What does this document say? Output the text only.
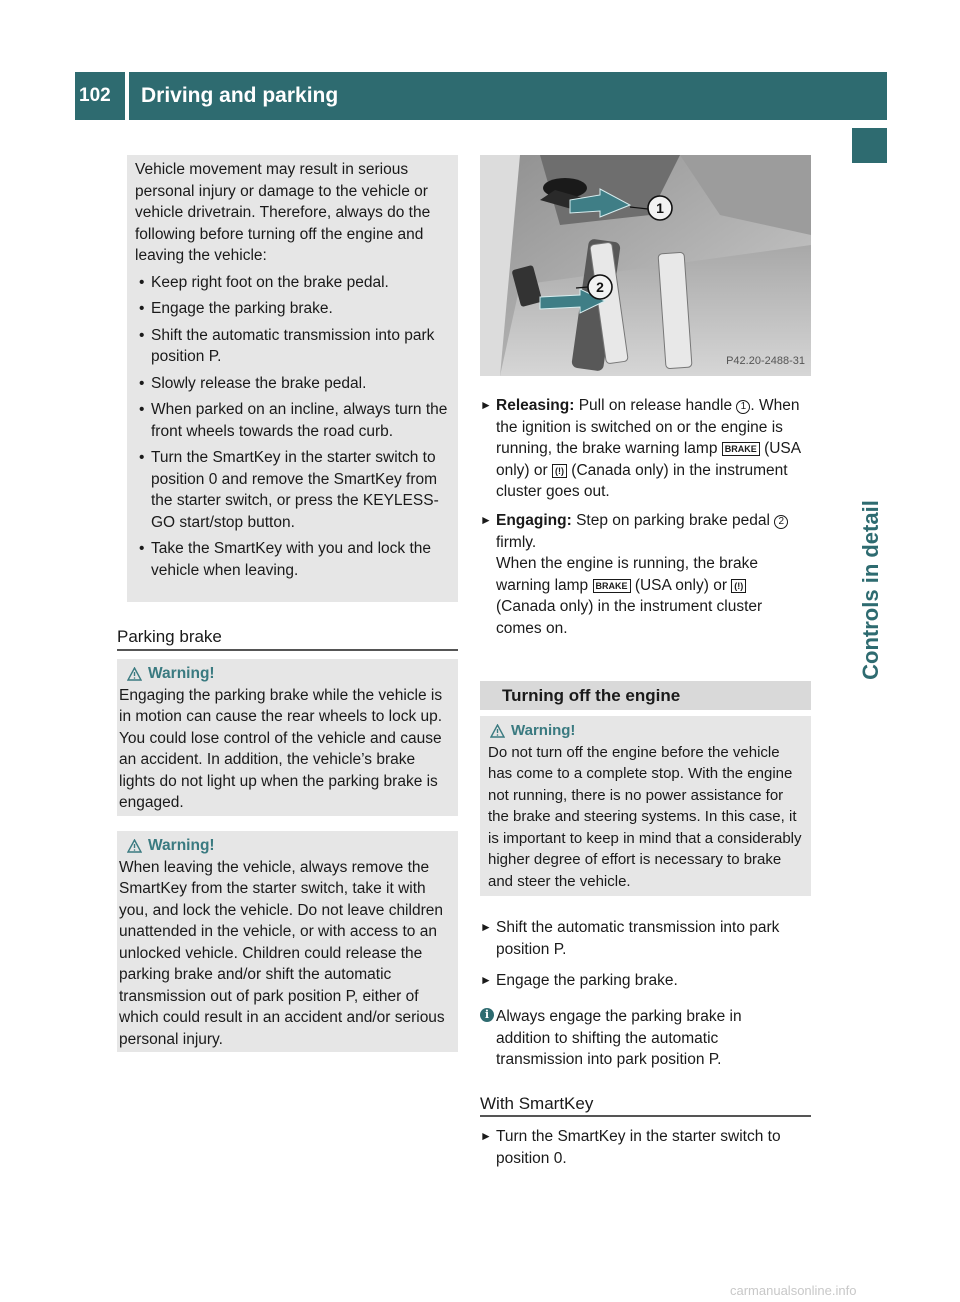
102	Driving and parking
Controls in detail

Vehicle movement may result in serious personal injury or damage to the vehicle or vehicle drivetrain. Therefore, always do the following before turning off the engine and leaving the vehicle:

• Keep right foot on the brake pedal.

• Engage the parking brake.

• Shift the automatic transmission into park position P.

• Slowly release the brake pedal.

• When parked on an incline, always turn the front wheels towards the road curb.

• Turn the SmartKey in the starter switch to position 0 and remove the SmartKey from the starter switch, or press the KEYLESS-GO start/stop button.

• Take the SmartKey with you and lock the vehicle when leaving.

Parking brake
Warning!

Engaging the parking brake while the vehicle is in motion can cause the rear wheels to lock up. You could lose control of the vehicle and cause an accident. In addition, the vehicle’s brake lights do not light up when the parking brake is engaged.

Warning!

When leaving the vehicle, always remove the SmartKey from the starter switch, take it with you, and lock the vehicle. Do not leave children unattended in the vehicle, or with access to an unlocked vehicle. Children could release the parking brake and/or shift the automatic transmission out of park position P, either of which could result in an accident and/or serious personal injury.

1
2
P42.20-2488-31
► Releasing: Pull on release handle 1 . When the ignition is switched on or the engine is running, the brake warning lamp BRAKE (USA only) or (!) (Canada only) in the instrument cluster goes out.
► Engaging: Step on parking brake pedal 2 firmly.
When the engine is running, the brake warning lamp BRAKE (USA only) or (!) (Canada only) in the instrument cluster comes on.
Turning off the engine
Warning!

Do not turn off the engine before the vehicle has come to a complete stop. With the engine not running, there is no power assistance for the brake and steering systems. In this case, it is important to keep in mind that a considerably higher degree of effort is necessary to brake and steer the vehicle.

► Shift the automatic transmission into park position P.
► Engage the parking brake.
i Always engage the parking brake in addition to shifting the automatic transmission into park position P.
With SmartKey
► Turn the SmartKey in the starter switch to position 0.
carmanualsonline.info
